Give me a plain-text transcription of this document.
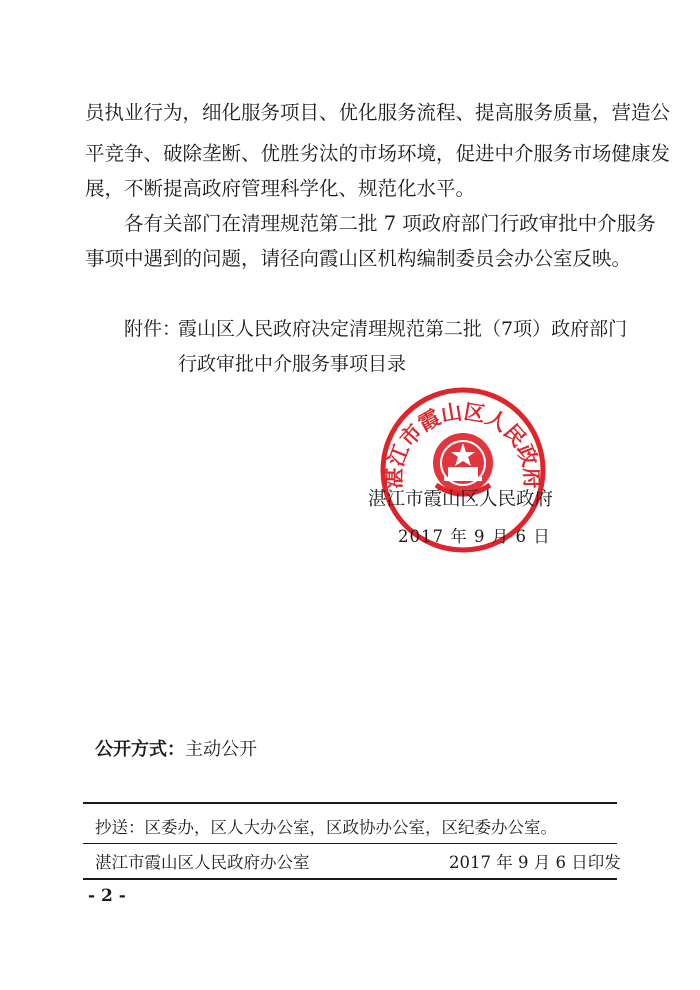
员执业行为，细化服务项目、优化服务流程、提高服务质量，营造公
平竞争、破除垄断、优胜劣汰的市场环境，促进中介服务市场健康发
展，不断提高政府管理科学化、规范化水平。
各有关部门在清理规范第二批 7 项政府部门行政审批中介服务
事项中遇到的问题，请径向霞山区机构编制委员会办公室反映。
附件：
霞山区人民政府决定清理规范第二批（7项）政府部门
行政审批中介服务事项目录
湛江市霞山区人民政府
湛江市霞山区人民政府
2017 年 9 月 6 日
公开方式：主动公开
抄送：区委办，区人大办公室，区政协办公室，区纪委办公室。
湛江市霞山区人民政府办公室	2017 年 9 月 6 日印发
- 2 -
